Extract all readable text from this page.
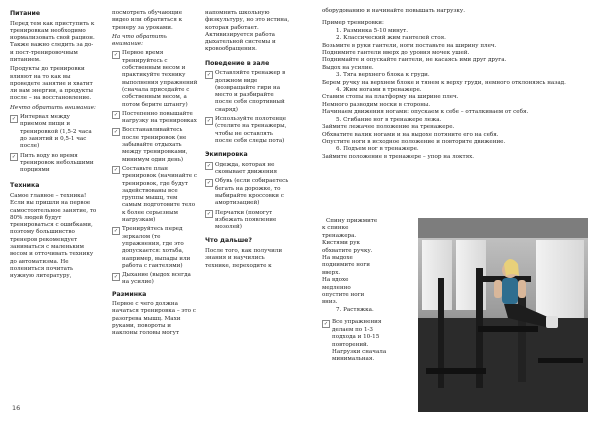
Питание

Перед тем как приступить к тренировкам необходимо нормализовать свой рацион. Также важно следить за до- и пост-тренировочным питанием.

Продукты до тренировки влияют на то как вы проведете занятие и хватит ли вам энергии, а продукты после – на восстановление.

Нечто обратить внимание:

✓ Интервал между приемом пищи и тренировкой (1,5-2 часа до занятий и 0,5-1 час после)
✓ Пить воду во время тренировок небольшими порциями
Техника

Самое главное – техника! Если вы пришли на первое самостоятельное занятие, то 80% людей будут тренироваться с ошибками, поэтому большинство тренеров рекомендует заниматься с маленьким весом и отточивать технику до автоматизма. Не полениться почитать нужную литературу,

посмотреть обучающие видео или обратиться к тренеру за уроками.

На что обратить внимание:

✓ Первое время тренируйтесь с собственным весом и практикуйте технику выполнения упражнений (сначала приседайте с собственным весом, а потом берите штангу)
✓ Постепенно повышайте нагрузку на тренировках
✓ Восстанавливайтесь после тренировок (не забывайте отдыхать между тренировками, минимум один день)
✓ Составьте план тренировок (начинайте с тренировок, где будут задействованы все группы мышц, тем самым подготовите тело к более серьезным нагрузкам)
✓ Тренируйтесь перед зеркалом (те упражнения, где это допускается: хотьба, например, выпады или работа с гантелями)
✓ Дыхание (выдох всегда на усилие)
Разминка

Первое с чего должна начаться тренировка – это с разогрева мышц. Махи руками, повороты и наклоны головы могут

напомнить школьную физкультуру, но это истина, которая работает. Активизируется работа дыхательной системы и кровообращения.

Поведение в зале
✓ Оставляйте тренажер в должном виде (возвращайте гири на место и разбирайте после себя спортивный снаряд)
✓ Используйте полотенце (стелите на тренажеры, чтобы не оставлять после себя следы пота)
Экипировка
✓ Одежда, которая не сковывает движения
✓ Обувь (если собираетесь бегать на дорожке, то выбирайте кроссовки с амортизацией)
✓ Перчатки (помогут избежать появление мозолей)
Что дальше?

После того, как получили знания и научились технике, переходите к

16

оборудованию и начинайте повышать нагрузку.

Пример тренировки:

1. Разминка 5-10 минут.

2. Классический жим гантелей стоя.

Возьмите в руки гантели, ноги поставьте на ширину плеч.

Поднимите гантели вверх до уровня мочек ушей.

Поднимайте и опускайте гантели, не касаясь ими друг друга.

Выдох на усилие.

3. Тяга верхнего блока к груди.

Берем ручку на верхнем блоке и тянем к верху груди, немного отклоняясь назад.

4. Жим ногами в тренажере.

Ставим стопы на платформу на ширине плеч.

Немного разводим носки в стороны.

Начинаем движения ногами: опускаем к себе – отталкиваем от себя.

5. Сгибание ног в тренажере лежа.

Займите лежачее положение на тренажере.

Обхватите валик ногами и на выдохе потяните его на себя.

Опустите ноги в исходное положение и повторите движение.

6. Подъем ног в тренажере.

Займите положение в тренажере – упор на локтях.

Спину прижмите

к спинке

тренажера.

Кистями рук

обхватите ручку.

На выдохе

поднимите ноги

вверх.

На вдохе

медленно

опустите ноги

вниз.

7. Растяжка.

✓ Все упражнения делаем по 1-3 подхода и 10-15 повторений. Нагрузки сначала минимальная.
